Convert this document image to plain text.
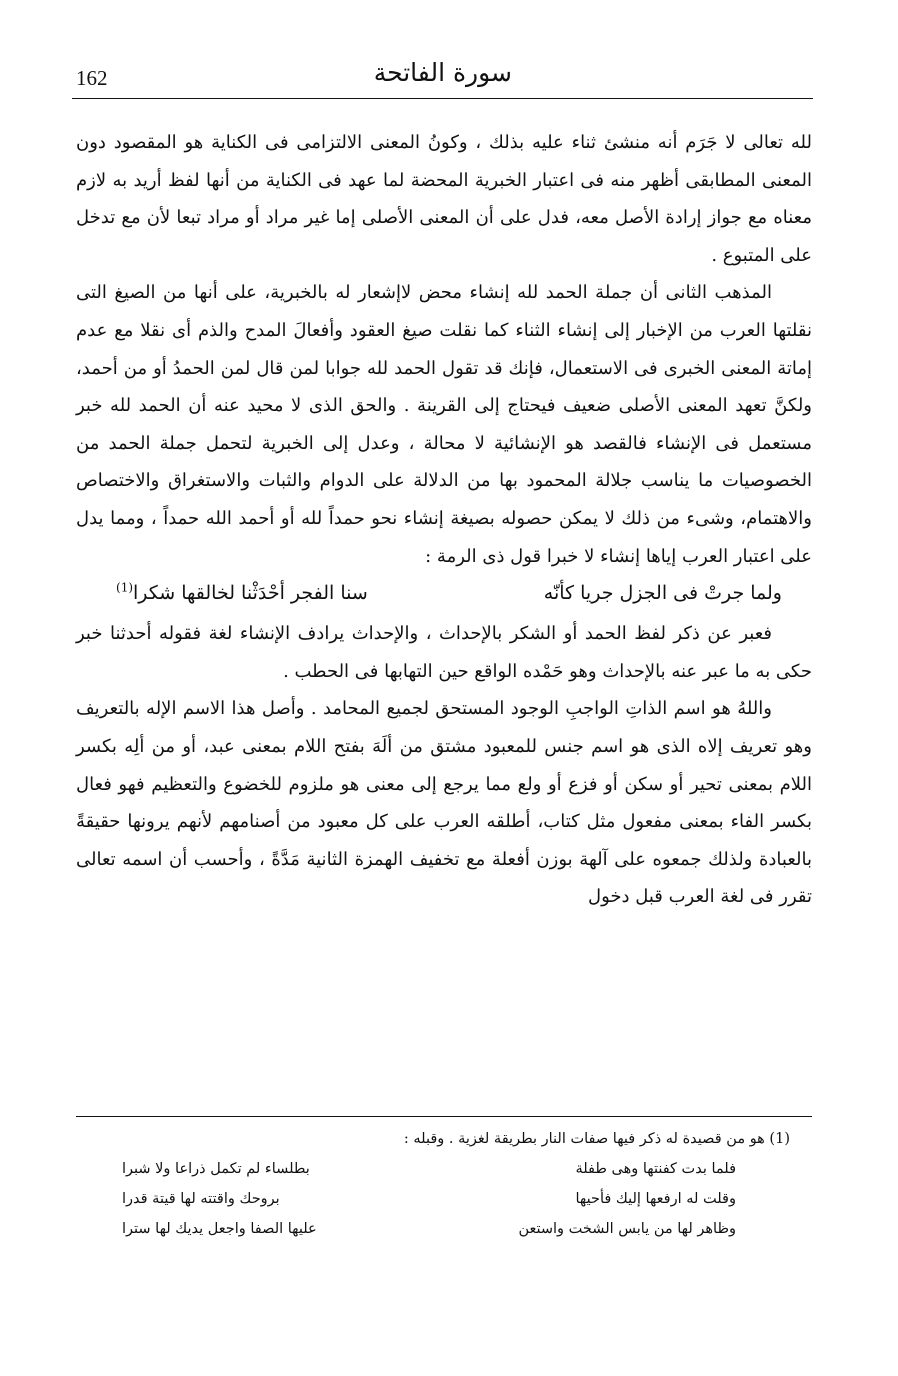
162	سورة الفاتحة

لله تعالى لا جَرَم أنه منشئ ثناء عليه بذلك ، وكونُ المعنى الالتزامى فى الكناية هو المقصود دون المعنى المطابقى أظهر منه فى اعتبار الخبرية المحضة لما عهد فى الكناية من أنها لفظ أريد به لازم معناه مع جواز إرادة الأصل معه، فدل على أن المعنى الأصلى إما غير مراد أو مراد تبعا لأن مع تدخل على المتبوع .

المذهب الثانى أن جملة الحمد لله إنشاء محض لاإشعار له بالخبرية، على أنها من الصيغ التى نقلتها العرب من الإخبار إلى إنشاء الثناء كما نقلت صيغ العقود وأفعالَ المدح والذم أى نقلا مع عدم إماتة المعنى الخبرى فى الاستعمال، فإنك قد تقول الحمد لله جوابا لمن قال لمن الحمدُ أو من أحمد، ولكنَّ تعهد المعنى الأصلى ضعيف فيحتاج إلى القرينة . والحق الذى لا محيد عنه أن الحمد لله خبر مستعمل فى الإنشاء فالقصد هو الإنشائية لا محالة ، وعدل إلى الخبرية لتحمل جملة الحمد من الخصوصيات ما يناسب جلالة المحمود بها من الدلالة على الدوام والثبات والاستغراق والاختصاص والاهتمام، وشىء من ذلك لا يمكن حصوله بصيغة إنشاء نحو حمداً لله أو أحمد الله حمداً ، ومما يدل على اعتبار العرب إياها إنشاء لا خبرا قول ذى الرمة :

ولما جرتْ فى الجزل جريا كأنّه
سنا الفجر أحْدَثْنا لخالقها شكرا$^{(1)}$

فعبر عن ذكر لفظ الحمد أو الشكر بالإحداث ، والإحداث يرادف الإنشاء لغة فقوله أحدثنا خبر حكى به ما عبر عنه بالإحداث وهو حَمْده الواقع حين التهابها فى الحطب .

واللهُ هو اسم الذاتِ الواجبِ الوجود المستحق لجميع المحامد . وأصل هذا الاسم الإله بالتعريف وهو تعريف إلاه الذى هو اسم جنس للمعبود مشتق من ألَهَ بفتح اللام بمعنى عبد، أو من ألِه بكسر اللام بمعنى تحير أو سكن أو فزع أو ولع مما يرجع إلى معنى هو ملزوم للخضوع والتعظيم فهو فعال بكسر الفاء بمعنى مفعول مثل كتاب، أطلقه العرب على كل معبود من أصنامهم لأنهم يرونها حقيقةً بالعبادة ولذلك جمعوه على آلهة بوزن أفعلة مع تخفيف الهمزة الثانية مَدَّةً ، وأحسب أن اسمه تعالى تقرر فى لغة العرب قبل دخول

(1) هو من قصيدة له ذكر فيها صفات النار بطريقة لغزية . وقبله :
فلما بدت كفنتها وهى طفلة
بطلساء لم تكمل ذراعا ولا شبرا
وقلت له ارفعها إليك فأحيها
بروحك واقتته لها قيتة قدرا
وظاهر لها من يابس الشخت واستعن
عليها الصفا واجعل يديك لها سترا
